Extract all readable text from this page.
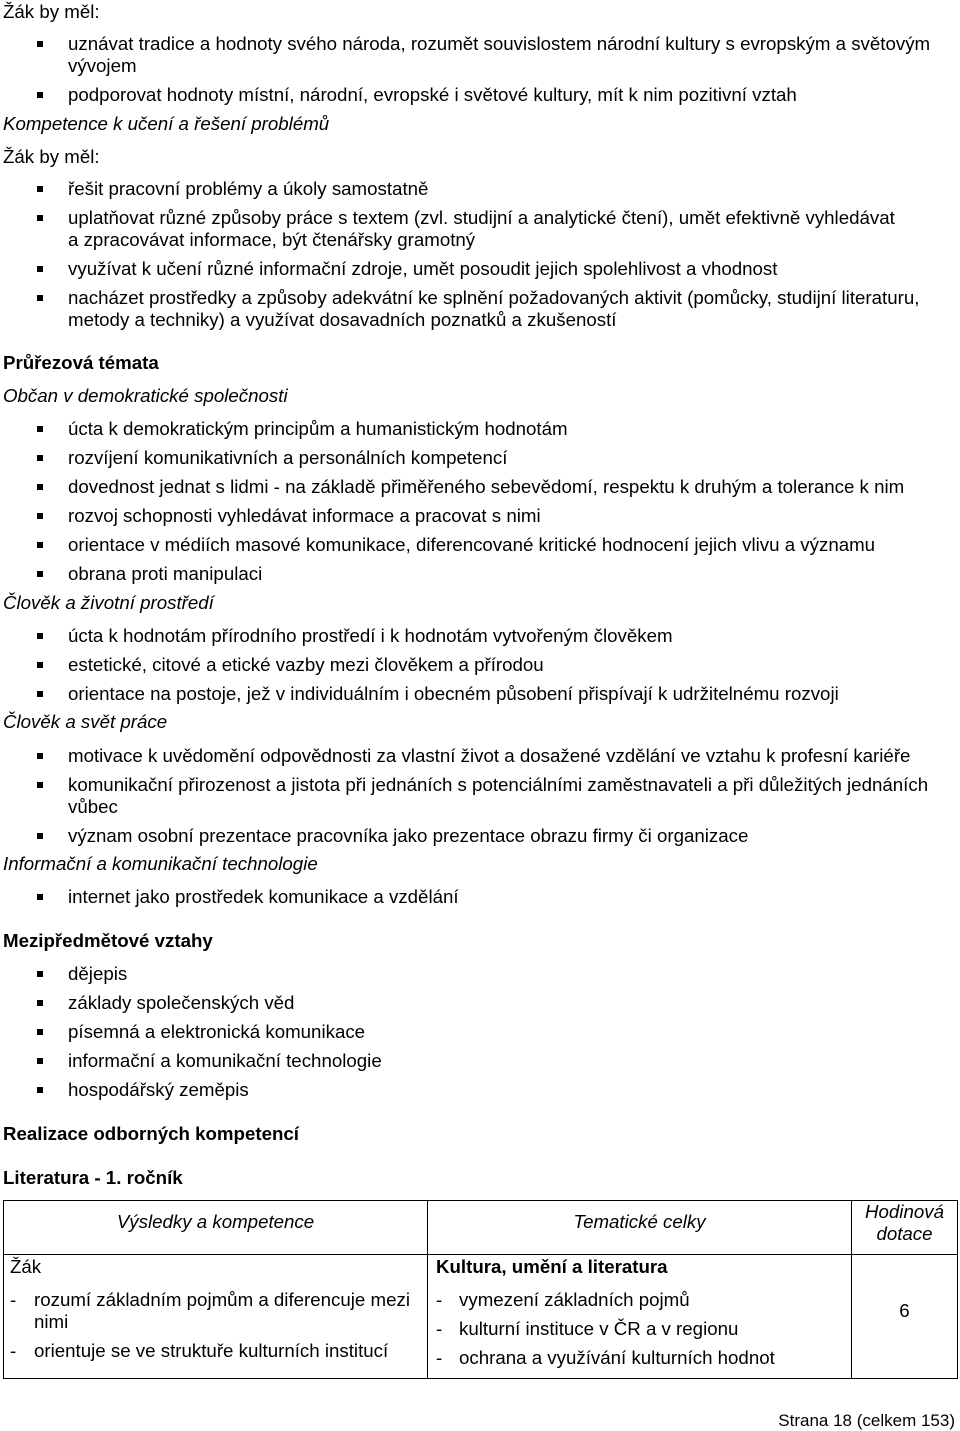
Žák by měl:
uznávat tradice a hodnoty svého národa, rozumět souvislostem národní kultury s evropským a světovým
vývojem
podporovat hodnoty místní, národní, evropské i světové kultury, mít k nim pozitivní vztah
Kompetence k učení a řešení problémů
Žák by měl:
řešit pracovní problémy a úkoly samostatně
uplatňovat různé způsoby práce s textem (zvl. studijní a analytické čtení), umět efektivně vyhledávat
a zpracovávat informace, být čtenářsky gramotný
využívat k učení různé informační zdroje, umět posoudit jejich spolehlivost a vhodnost
nacházet prostředky a způsoby adekvátní ke splnění požadovaných aktivit (pomůcky, studijní literaturu,
metody a techniky) a využívat dosavadních poznatků a zkušeností
Průřezová témata
Občan v demokratické společnosti
úcta k demokratickým principům a humanistickým hodnotám
rozvíjení komunikativních a personálních kompetencí
dovednost jednat s lidmi - na základě přiměřeného sebevědomí, respektu k druhým a tolerance k nim
rozvoj schopnosti vyhledávat informace a pracovat s nimi
orientace v médiích masové komunikace, diferencované kritické hodnocení jejich vlivu a významu
obrana proti manipulaci
Člověk a životní prostředí
úcta k hodnotám přírodního prostředí i k hodnotám vytvořeným člověkem
estetické, citové a etické vazby mezi člověkem a přírodou
orientace na postoje, jež v individuálním i obecném působení přispívají k udržitelnému rozvoji
Člověk a svět práce
motivace k uvědomění odpovědnosti za vlastní život a dosažené vzdělání ve vztahu k profesní kariéře
komunikační přirozenost a jistota při jednáních s potenciálními zaměstnavateli a při důležitých jednáních
vůbec
význam osobní prezentace pracovníka jako prezentace obrazu firmy či organizace
Informační a komunikační technologie
internet jako prostředek komunikace a vzdělání
Mezipředmětové vztahy
dějepis
základy společenských věd
písemná a elektronická komunikace
informační a komunikační technologie
hospodářský zeměpis
Realizace odborných kompetencí
Literatura - 1. ročník
Výsledky a kompetence	Tematické celky	Hodinová dotace
Žák
- rozumí základním pojmům a diferencuje mezi
nimi
- orientuje se ve struktuře kulturních institucí
Kultura, umění a literatura
- vymezení základních pojmů
- kulturní instituce v ČR a v regionu
- ochrana a využívání kulturních hodnot
6
Strana 18 (celkem 153)
